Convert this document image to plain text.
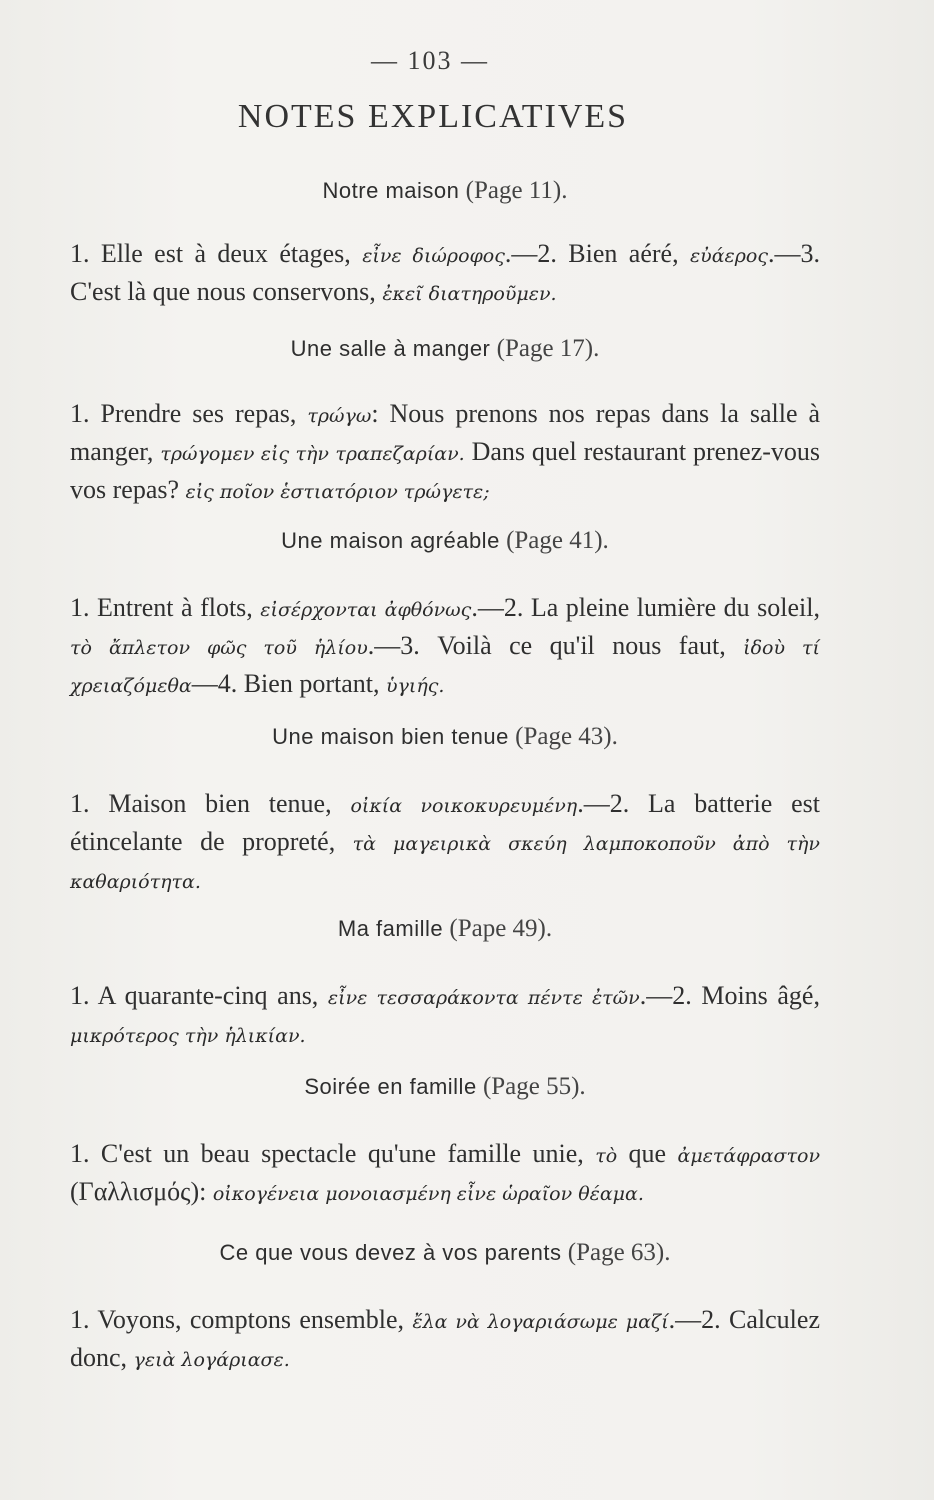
— 103 —
NOTES EXPLICATIVES

Notre maison (Page 11).

1. Elle est à deux étages, εἶνε διώροφος.—2. Bien aéré, εὐάερος.—3. C'est là que nous conservons, ἐκεῖ διατηροῦμεν.

Une salle à manger (Page 17).

1. Prendre ses repas, τρώγω: Nous prenons nos repas dans la salle à manger, τρώγομεν εἰς τὴν τραπεζαρίαν. Dans quel restaurant prenez-vous vos repas? εἰς ποῖον ἑστιατόριον τρώγετε;

Une maison agréable (Page 41).

1. Entrent à flots, εἰσέρχονται ἀφθόνως.—2. La pleine lumière du soleil, τὸ ἄπλετον φῶς τοῦ ἡλίου.—3. Voilà ce qu'il nous faut, ἰδοὺ τί χρειαζόμεθα—4. Bien portant, ὑγιής.

Une maison bien tenue (Page 43).

1. Maison bien tenue, οἰκία νοικοκυρευμένη.—2. La batterie est étincelante de propreté, τὰ μαγειρικὰ σκεύη λαμποκοποῦν ἀπὸ τὴν καθαριότητα.

Ma famille (Pape 49).

1. A quarante-cinq ans, εἶνε τεσσαράκοντα πέντε ἐτῶν.—2. Moins âgé, μικρότερος τὴν ἡλικίαν.

Soirée en famille (Page 55).

1. C'est un beau spectacle qu'une famille unie, τὸ que ἀμετάφραστον (Γαλλισμός): οἰκογένεια μονοιασμένη εἶνε ὡραῖον θέαμα.

Ce que vous devez à vos parents (Page 63).

1. Voyons, comptons ensemble, ἔλα νὰ λογαριάσωμε μαζί.—2. Calculez donc, γειὰ λογάριασε.
